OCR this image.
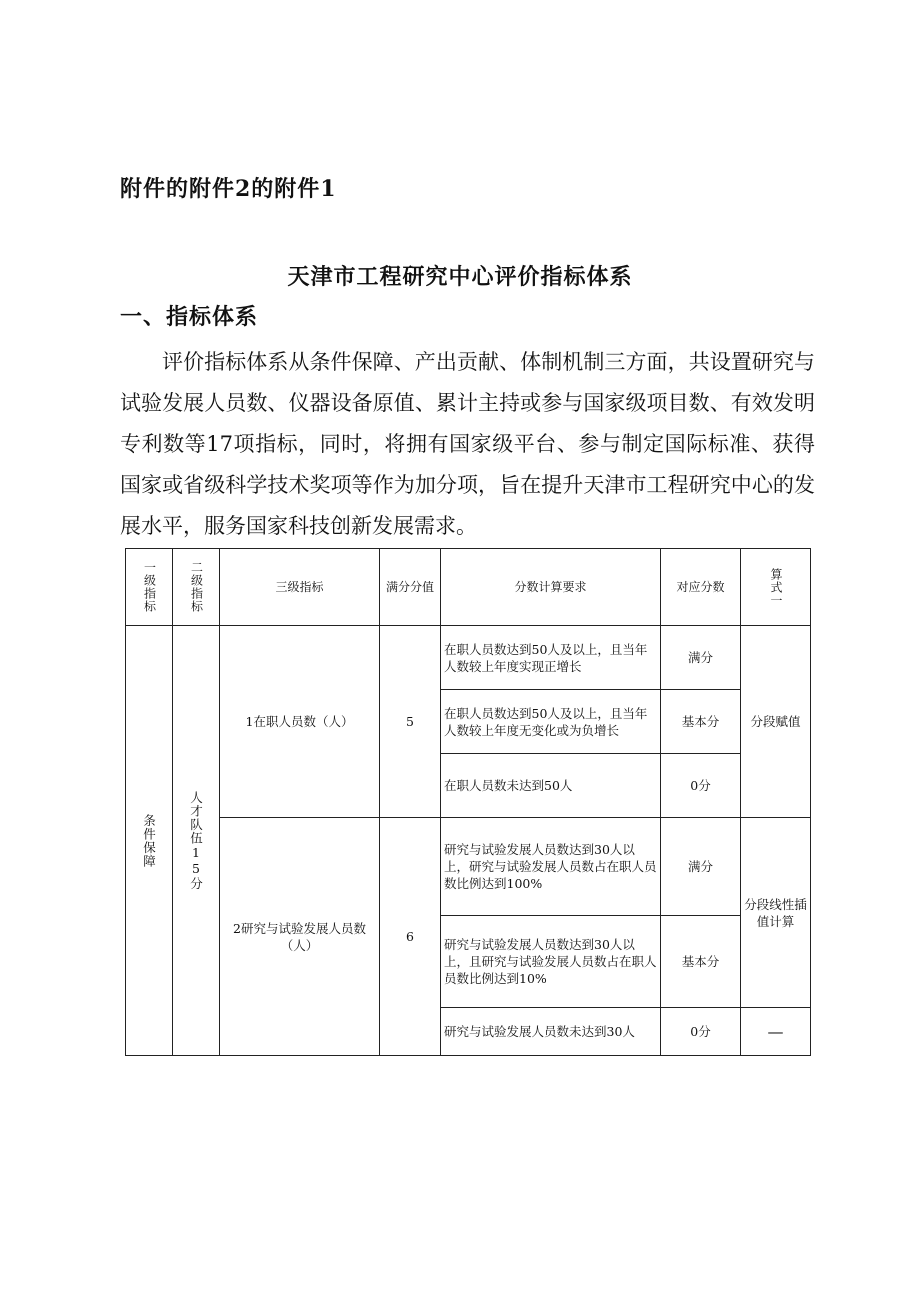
附件的附件2的附件1
天津市工程研究中心评价指标体系
一、指标体系
评价指标体系从条件保障、产出贡献、体制机制三方面，共设置研究与试验发展人员数、仪器设备原值、累计主持或参与国家级项目数、有效发明专利数等17项指标，同时，将拥有国家级平台、参与制定国际标准、获得国家或省级科学技术奖项等作为加分项，旨在提升天津市工程研究中心的发展水平，服务国家科技创新发展需求。
一级指标	二级指标	三级指标	满分分值	分数计算要求	对应分数	算式一

条件保障	人才队伍15分	1在职人员数（人）	5	在职人员数达到50人及以上，且当年人数较上年度实现正增长	满分	分段赋值
				在职人员数达到50人及以上，且当年人数较上年度无变化或为负增长	基本分	
				在职人员数未达到50人	0分	
		2研究与试验发展人员数（人）	6	研究与试验发展人员数达到30人以上，研究与试验发展人员数占在职人员数比例达到100%	满分	分段线性插值计算
				研究与试验发展人员数达到30人以上，且研究与试验发展人员数占在职人员数比例达到10%	基本分	
				研究与试验发展人员数未达到30人	0分	—
